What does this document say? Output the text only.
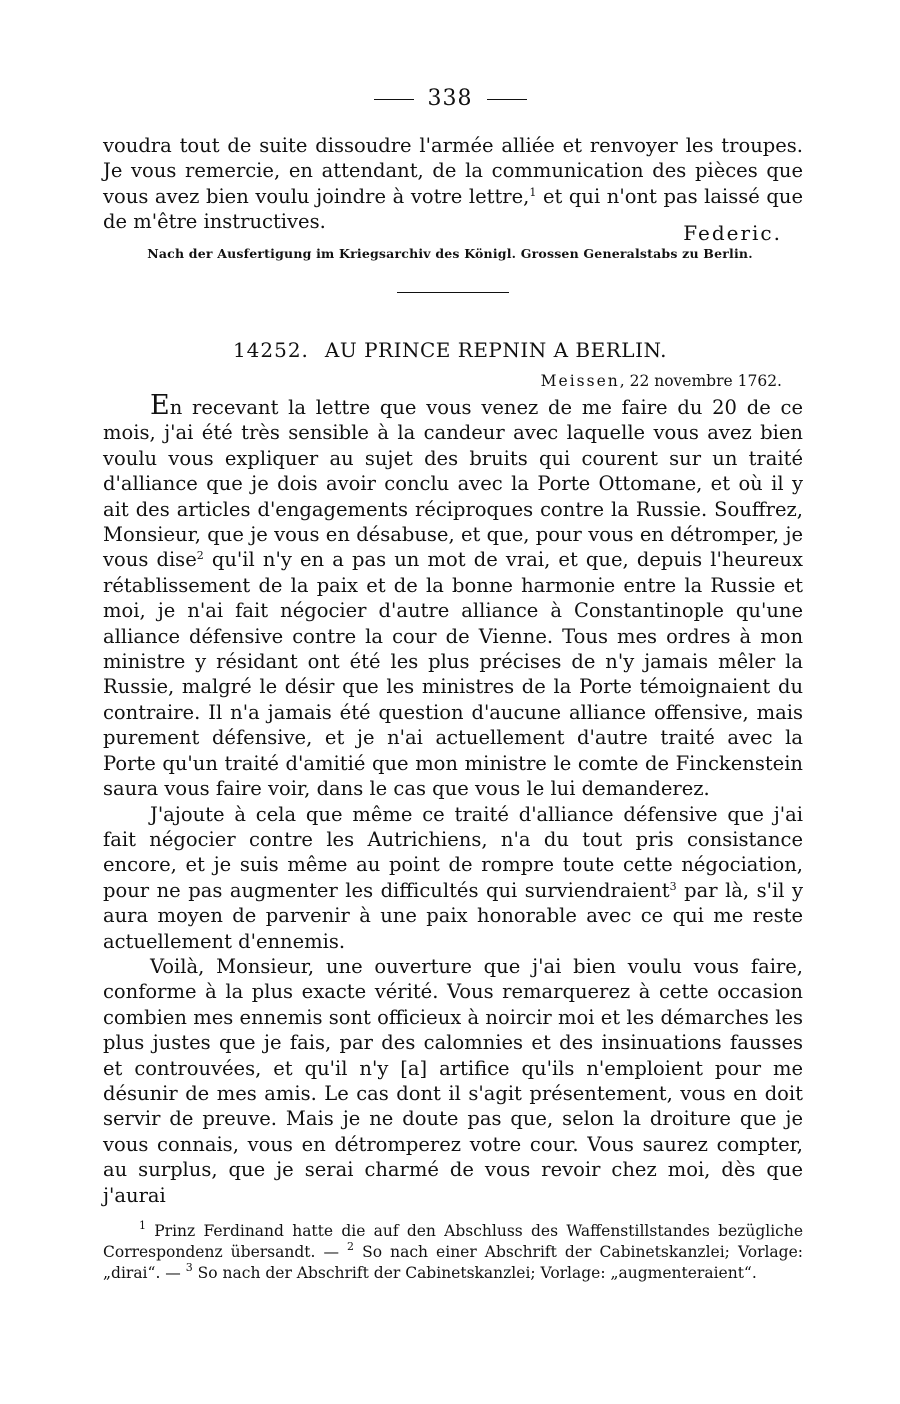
338

voudra tout de suite dissoudre l'armée alliée et renvoyer les troupes. Je vous remercie, en attendant, de la communication des pièces que vous avez bien voulu joindre à votre lettre,$^1$ et qui n'ont pas laissé que de m'être instructives.	Federic.
Nach der Ausfertigung im Kriegsarchiv des Königl. Grossen Generalstabs zu Berlin.
14252. AU PRINCE REPNIN A BERLIN.
Meissen, 22 novembre 1762.

En recevant la lettre que vous venez de me faire du 20 de ce mois, j'ai été très sensible à la candeur avec laquelle vous avez bien voulu vous expliquer au sujet des bruits qui courent sur un traité d'alliance que je dois avoir conclu avec la Porte Ottomane, et où il y ait des articles d'engagements réciproques contre la Russie. Souffrez, Monsieur, que je vous en désabuse, et que, pour vous en détromper, je vous dise$^2$ qu'il n'y en a pas un mot de vrai, et que, depuis l'heureux rétablissement de la paix et de la bonne harmonie entre la Russie et moi, je n'ai fait négocier d'autre alliance à Constantinople qu'une alliance défensive contre la cour de Vienne. Tous mes ordres à mon ministre y résidant ont été les plus précises de n'y jamais mêler la Russie, malgré le désir que les ministres de la Porte témoignaient du contraire. Il n'a jamais été question d'aucune alliance offensive, mais purement défensive, et je n'ai actuellement d'autre traité avec la Porte qu'un traité d'amitié que mon ministre le comte de Finckenstein saura vous faire voir, dans le cas que vous le lui demanderez.

J'ajoute à cela que même ce traité d'alliance défensive que j'ai fait négocier contre les Autrichiens, n'a du tout pris consistance encore, et je suis même au point de rompre toute cette négociation, pour ne pas augmenter les difficultés qui surviendraient$^3$ par là, s'il y aura moyen de parvenir à une paix honorable avec ce qui me reste actuellement d'ennemis.

Voilà, Monsieur, une ouverture que j'ai bien voulu vous faire, conforme à la plus exacte vérité. Vous remarquerez à cette occasion combien mes ennemis sont officieux à noircir moi et les démarches les plus justes que je fais, par des calomnies et des insinuations fausses et controuvées, et qu'il n'y [a] artifice qu'ils n'emploient pour me désunir de mes amis. Le cas dont il s'agit présentement, vous en doit servir de preuve. Mais je ne doute pas que, selon la droiture que je vous connais, vous en détromperez votre cour. Vous saurez compter, au surplus, que je serai charmé de vous revoir chez moi, dès que j'aurai

$^1$ Prinz Ferdinand hatte die auf den Abschluss des Waffenstillstandes bezügliche Correspondenz übersandt. — $^2$ So nach einer Abschrift der Cabinetskanzlei; Vorlage: „dirai“. — $^3$ So nach der Abschrift der Cabinetskanzlei; Vorlage: „augmenteraient“.
